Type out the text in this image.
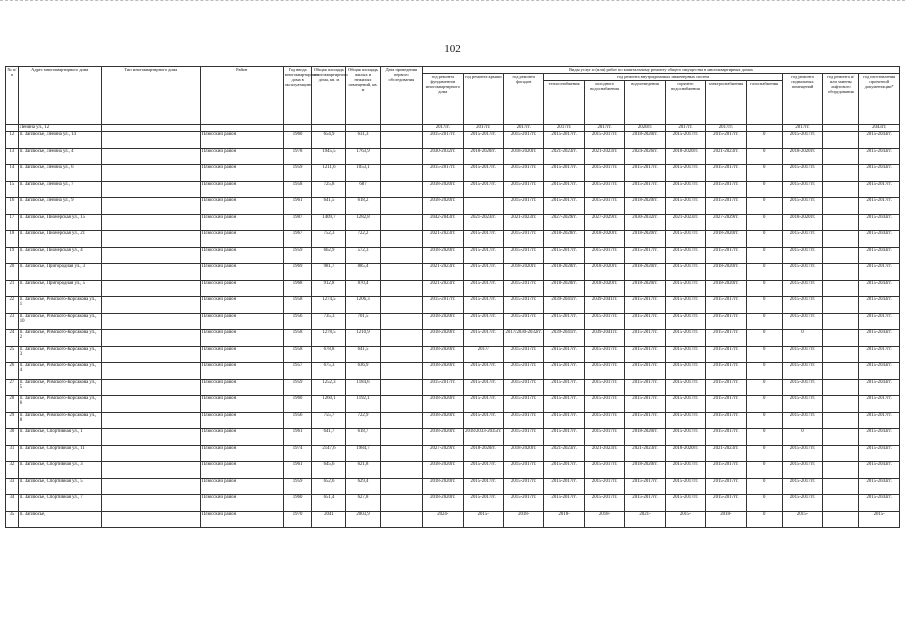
102
№ п/п	Адрес многоквартирного дома	Тип многоквартирного дома	Район	Год ввода многоквартирного дома в эксплуатацию	Общая площадь многоквартирного дома, кв. м	Общая площадь жилых и нежилых помещений, кв. м	Дата проведения первого обследования	Виды услуг и (или) работ по капитальному ремонту общего имущества в многоквартирных домах											
								год ремонта фундаментов многоквартирного дома	год ремонта крыши	год ремонта фасадов	год ремонта внутридомовых инженерных систем						год ремонта подвальных помещений	год ремонта и/или замены лифтового оборудования	год изготовления проектной документации*
											теплоснабжения	холодного водоснабжения	водоотведения	горячего водоснабжения	электроснабжения	газоснабжения			
	Ленина ул., 12							2017гг.	2017гг.	2017гг.	2017гг.	2017гг.	2020гг.	2017гг.	2017гг.		2017гг.		2043гг.
12	п. Заплюсье, Ленина ул., 14		Плюсский район	1960	654,9	631,3		2015-2017гг.	2015-2017гг.	2015-2017гг.	2015-2017гг.	2015-2017гг.	2018-2020гг.	2015-2017гг.	2015-2017гг.	0	2015-2017гг.		2015-2043гг.
13	п. Заплюсье, Ленина ул., 4		Плюсский район	1978	1945,5	1763,9		2030-2032гг.	2018-2020гг.	2018-2020гг.	2021-2023гг.	2021-2023гг.	2024-2026гг.	2018-2020гг.	2021-2023гг.	0	2018-2020гг.		2015-2043гг.
14	п. Заплюсье, Ленина ул., 6		Плюсский район	1959	1211,6	1053,1		2015-2017гг.	2015-2017гг.	2015-2017гг.	2015-2017гг.	2015-2017гг.	2015-2017гг.	2015-2017гг.	2015-2017гг.	0	2015-2017гг.		2015-2043гг.
15	п. Заплюсье, Ленина ул., 7		Плюсский район	1958	725,8	687		2018-2020гг.	2015-2017гг.	2015-2017гг.	2015-2017гг.	2015-2017гг.	2015-2017гг.	2015-2017гг.	2015-2017гг.	0	2015-2017гг.		2015-2017гг.
16	п. Заплюсье, Ленина ул., 9		Плюсский район	1961	641,5	618,2		2018-2020гг.		2015-2017гг.	2015-2017гг.	2015-2017гг.	2018-2020гг.	2015-2017гг.	2015-2017гг.	0	2015-2017гг.		2015-2017гг.
17	п. Заплюсье, Пионерская ул., 15		Плюсский район	1987	1409,7	1282,8		2042-2043гг.	2021-2023гг.	2021-2023гг.	2027-2029гг.	2027-2029гг.	2030-2032гг.	2021-2023гг.	2027-2029гг.	0	2018-2020гг.		2015-2043гг.
18	п. Заплюсье, Пионерская ул., 21		Плюсский район	1967	752,3	722,2		2021-2023гг.	2015-2017гг.	2015-2017гг.	2018-2020гг.	2018-2020гг.	2018-2020гг.	2015-2017гг.	2018-2020гг.	0	2015-2017гг.		2015-2043гг.
19	п. Заплюсье, Пионерская ул., 4		Плюсский район	1959	662,9	572,3		2018-2020гг.	2015-2017гг.	2015-2017гг.	2015-2017гг.	2015-2017гг.	2015-2017гг.	2015-2017гг.	2015-2017гг.	0	2015-2017гг.		2015-2043гг.
20	п. Заплюсье, Пригородная ул., 3		Плюсский район	1969	981,7	885,4		2021-2023гг.	2015-2017гг.	2018-2020гг.	2018-2020гг.	2018-2020гг.	2018-2020гг.	2015-2017гг.	2018-2020гг.	0	2015-2017гг.		2015-2017гг.
21	п. Заплюсье, Пригородная ул., 5		Плюсский район	1968	912,8	870,4		2021-2023гг.	2015-2017гг.	2015-2017гг.	2018-2020гг.	2018-2020гг.	2018-2020гг.	2015-2017гг.	2018-2020гг.	0	2015-2017гг.		2015-2043гг.
22	п. Заплюсье, Римского-Корсакова ул., 1		Плюсский район	1958	1274,5	1206,3		2015-2017гг.	2015-2017гг.	2015-2017гг.	2039-2041гг.	2039-2041гг.	2015-2017гг.	2015-2017гг.	2015-2017гг.	0	2015-2017гг.		2015-2043гг.
23	п. Заплюсье, Римского-Корсакова ул., 10		Плюсский район	1956	735,3	701,5		2018-2020гг.	2015-2017гг.	2015-2017гг.	2015-2017гг.	2015-2017гг.	2015-2017гг.	2015-2017гг.	2015-2017гг.	0	2015-2017гг.		2015-2017гг.
24	п. Заплюсье, Римского-Корсакова ул., 2		Плюсский район	1958	1278,5	1210,9		2018-2020гг.	2015-2017гг.	2017/2030-2032гг.	2039-2041гг.	2039-2041гг.	2015-2017гг.	2015-2017гг.	2015-2017гг.	0	0		2015-2043гг.
25	п. Заплюсье, Римского-Корсакова ул., 3		Плюсский район	1958	678,8	641,5		2018-2020гг.	2017/	2015-2017гг.	2015-2017гг.	2015-2017гг.	2015-2017гг.	2015-2017гг.	2015-2017гг.	0	2015-2017гг.		2015-2017гг.
26	п. Заплюсье, Римского-Корсакова ул., 4		Плюсский район	1957	675,3	636,9		2018-2020гг.	2015-2017гг.	2015-2017гг.	2015-2017гг.	2015-2017гг.	2015-2017гг.	2015-2017гг.	2015-2017гг.	0	2015-2017гг.		2015-2043гг.
27	п. Заплюсье, Римского-Корсакова ул., 5		Плюсский район	1959	1252,3	1184,6		2015-2017гг.	2015-2017гг.	2015-2017гг.	2015-2017гг.	2015-2017гг.	2015-2017гг.	2015-2017гг.	2015-2017гг.	0	2015-2017гг.		2015-2043гг.
28	п. Заплюсье, Римского-Корсакова ул., 6		Плюсский район	1960	1260,1	1192,1		2018-2020гг.	2015-2017гг.	2015-2017гг.	2015-2017гг.	2015-2017гг.	2015-2017гг.	2015-2017гг.	2015-2017гг.	0	2015-2017гг.		2015-2017гг.
29	п. Заплюсье, Римского-Корсакова ул., 8		Плюсский район	1956	755,7	722,9		2018-2020гг.	2015-2017гг.	2015-2017гг.	2015-2017гг.	2015-2017гг.	2015-2017гг.	2015-2017гг.	2015-2017гг.	0	2015-2017гг.		2015-2017гг.
30	п. Заплюсье, Спортивная ул., 1		Плюсский район	1961	641,7	618,7		2018-2020гг.	2018/2033-2035гг.	2015-2017гг.	2015-2017гг.	2015-2017гг.	2018-2020гг.	2015-2017гг.	2015-2017гг.	0	0		2015-2043гг.
31	п. Заплюсье, Спортивная ул., 11		Плюсский район	1974	2147,6	1984,7		2027-2029гг.	2018-2020гг.	2018-2020гг.	2021-2023гг.	2021-2023гг.	2021-2023гг.	2018-2020гг.	2021-2023гг.	0	2015-2017гг.		2015-2043гг.
32	п. Заплюсье, Спортивная ул., 3		Плюсский район	1961	645,6	621,8		2018-2020гг.	2015-2017гг.	2015-2017гг.	2015-2017гг.	2015-2017гг.	2018-2020гг.	2015-2017гг.	2015-2017гг.	0	2015-2017гг.		2015-2043гг.
33	п. Заплюсье, Спортивная ул., 5		Плюсский район	1959	652,6	629,4		2018-2020гг.	2015-2017гг.	2015-2017гг.	2015-2017гг.	2015-2017гг.	2015-2017гг.	2015-2017гг.	2015-2017гг.	0	2015-2017гг.		2015-2043гг.
34	п. Заплюсье, Спортивная ул., 7		Плюсский район	1960	651,4	627,8		2018-2020гг.	2015-2017гг.	2015-2017гг.	2015-2017гг.	2015-2017гг.	2015-2017гг.	2015-2017гг.	2015-2017гг.	0	2015-2017гг.		2015-2043гг.
35	п. Заплюсье,		Плюсский район	1970	2041	2003,9		2024-	2015-	2018-	2018-	2018-	2021-	2015-	2018-	0	2015-		2015-
